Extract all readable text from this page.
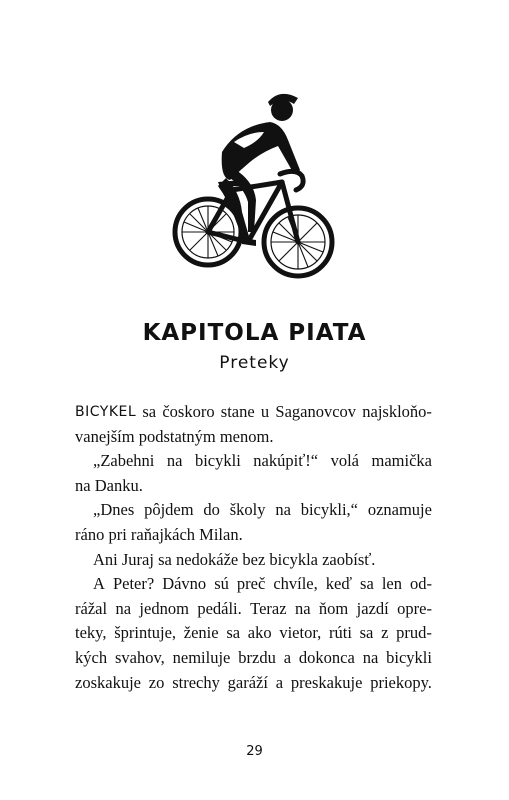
KAPITOLA PIATA
Preteky
BICYKEL sa čoskoro stane u Saganovcov najskloňo-
vanejším
podstatným
menom.
„Zabehni na bicykli nakúpiť!“ volá mamička
na
Danku.
„Dnes pôjdem do školy na bicykli,“ oznamuje
ráno
pri
raňajkách
Milan.
Ani
Juraj
sa
nedokáže
bez
bicykla
zaobísť.
A Peter? Dávno sú preč chvíle, keď sa len od-
rážal na jednom pedáli. Teraz na ňom jazdí opre-
teky, šprintuje, ženie sa ako vietor, rúti sa z prud-
kých svahov, nemiluje brzdu a dokonca na bicykli
zoskakuje zo strechy garáží a preskakuje priekopy.
29
